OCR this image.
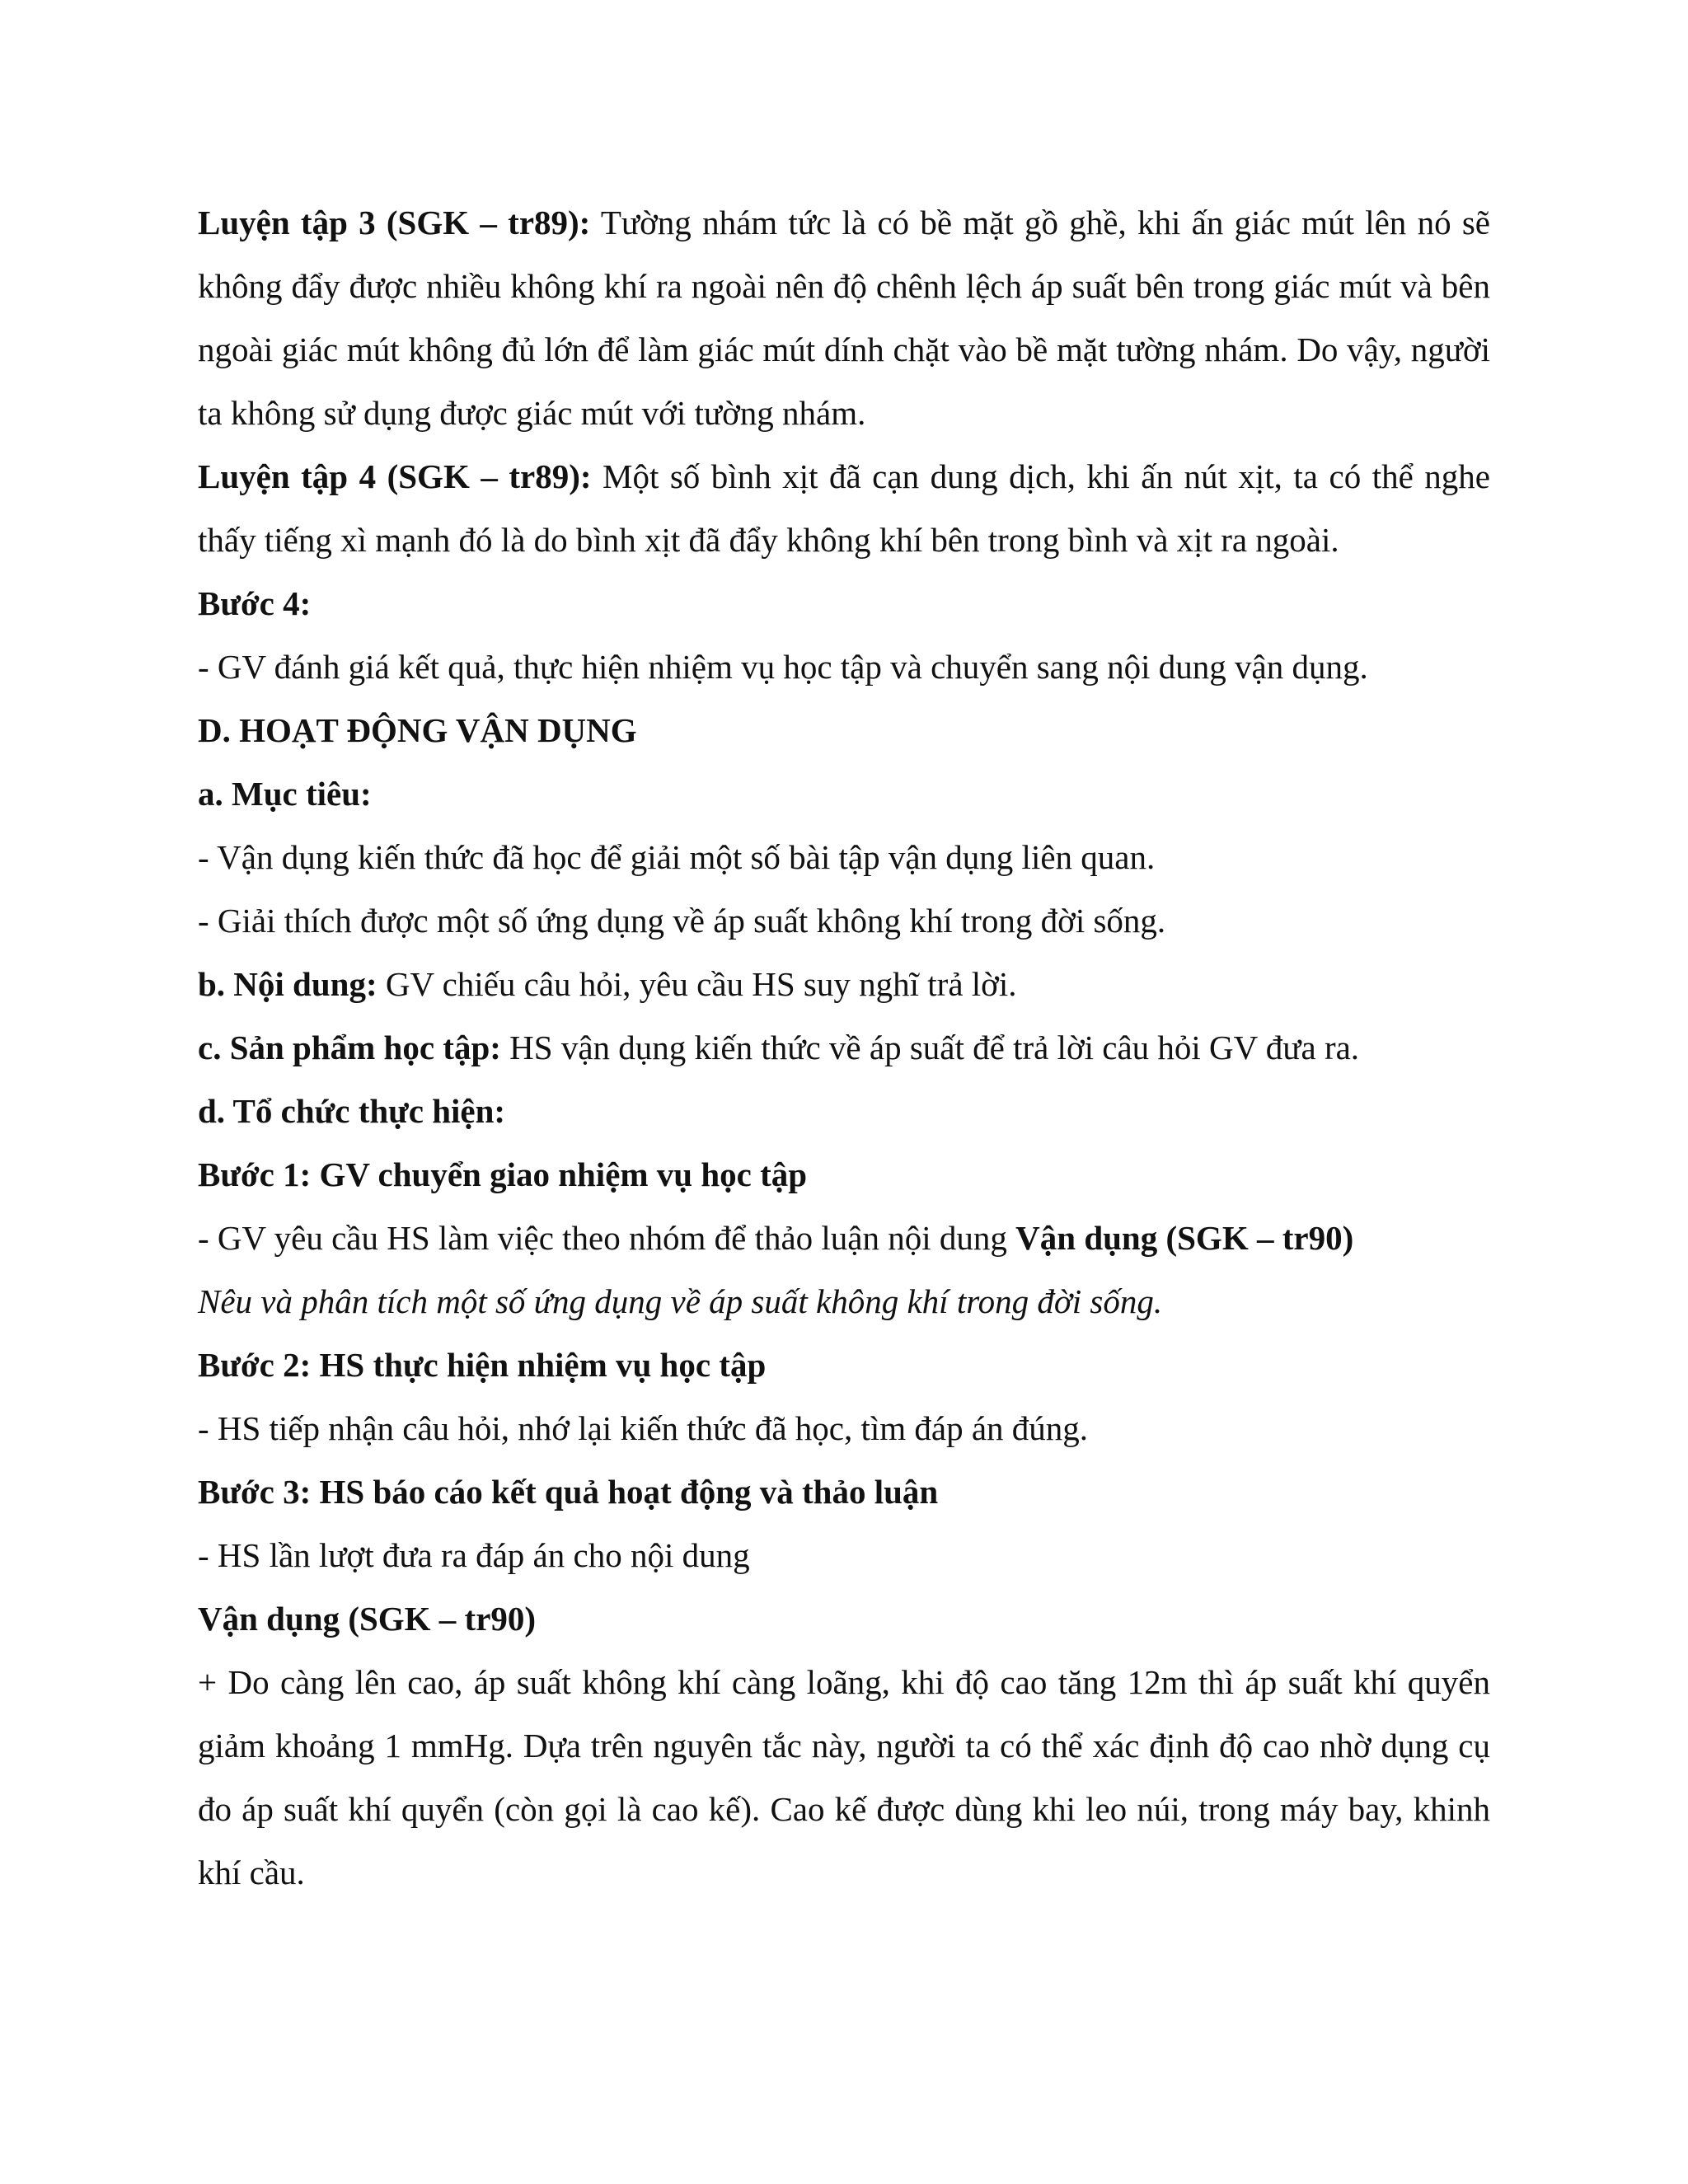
Luyện tập 3 (SGK – tr89): Tường nhám tức là có bề mặt gồ ghề, khi ấn giác mút lên nó sẽ không đẩy được nhiều không khí ra ngoài nên độ chênh lệch áp suất bên trong giác mút và bên ngoài giác mút không đủ lớn để làm giác mút dính chặt vào bề mặt tường nhám. Do vậy, người ta không sử dụng được giác mút với tường nhám.

Luyện tập 4 (SGK – tr89): Một số bình xịt đã cạn dung dịch, khi ấn nút xịt, ta có thể nghe thấy tiếng xì mạnh đó là do bình xịt đã đẩy không khí bên trong bình và xịt ra ngoài.

Bước 4:

- GV đánh giá kết quả, thực hiện nhiệm vụ học tập và chuyển sang nội dung vận dụng.

D. HOẠT ĐỘNG VẬN DỤNG

a. Mục tiêu:

- Vận dụng kiến thức đã học để giải một số bài tập vận dụng liên quan.

- Giải thích được một số ứng dụng về áp suất không khí trong đời sống.

b. Nội dung: GV chiếu câu hỏi, yêu cầu HS suy nghĩ trả lời.

c. Sản phẩm học tập: HS vận dụng kiến thức về áp suất để trả lời câu hỏi GV đưa ra.

d. Tổ chức thực hiện:

Bước 1: GV chuyển giao nhiệm vụ học tập

- GV yêu cầu HS làm việc theo nhóm để thảo luận nội dung Vận dụng (SGK – tr90)

Nêu và phân tích một số ứng dụng về áp suất không khí trong đời sống.

Bước 2: HS thực hiện nhiệm vụ học tập

- HS tiếp nhận câu hỏi, nhớ lại kiến thức đã học, tìm đáp án đúng.

Bước 3: HS báo cáo kết quả hoạt động và thảo luận

- HS lần lượt đưa ra đáp án cho nội dung

Vận dụng (SGK – tr90)

+ Do càng lên cao, áp suất không khí càng loãng, khi độ cao tăng 12m thì áp suất khí quyển giảm khoảng 1 mmHg. Dựa trên nguyên tắc này, người ta có thể xác định độ cao nhờ dụng cụ đo áp suất khí quyển (còn gọi là cao kế). Cao kế được dùng khi leo núi, trong máy bay, khinh khí cầu.
